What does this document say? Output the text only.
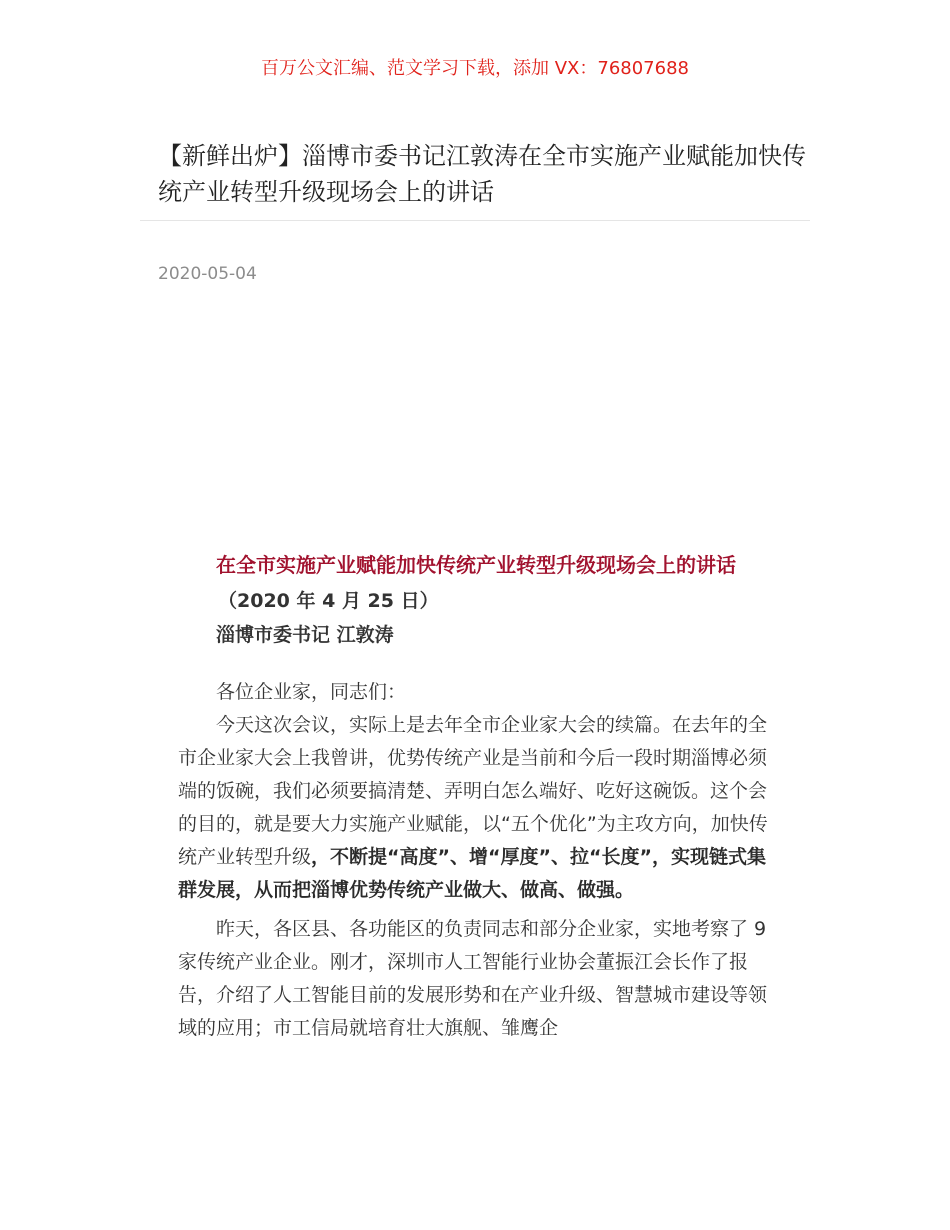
百万公文汇编、范文学习下载，添加 VX：76807688
【新鲜出炉】淄博市委书记江敦涛在全市实施产业赋能加快传统产业转型升级现场会上的讲话
2020-05-04

在全市实施产业赋能加快传统产业转型升级现场会上的讲话

（2020 年 4 月 25 日）

淄博市委书记 江敦涛

各位企业家，同志们：

今天这次会议，实际上是去年全市企业家大会的续篇。在去年的全市企业家大会上我曾讲，优势传统产业是当前和今后一段时期淄博必须端的饭碗，我们必须要搞清楚、弄明白怎么端好、吃好这碗饭。这个会的目的，就是要大力实施产业赋能，以“五个优化”为主攻方向，加快传统产业转型升级，不断提“高度”、增“厚度”、拉“长度”，实现链式集群发展，从而把淄博优势传统产业做大、做高、做强。

昨天，各区县、各功能区的负责同志和部分企业家，实地考察了 9 家传统产业企业。刚才，深圳市人工智能行业协会董振江会长作了报告，介绍了人工智能目前的发展形势和在产业升级、智慧城市建设等领域的应用；市工信局就培育壮大旗舰、雏鹰企
